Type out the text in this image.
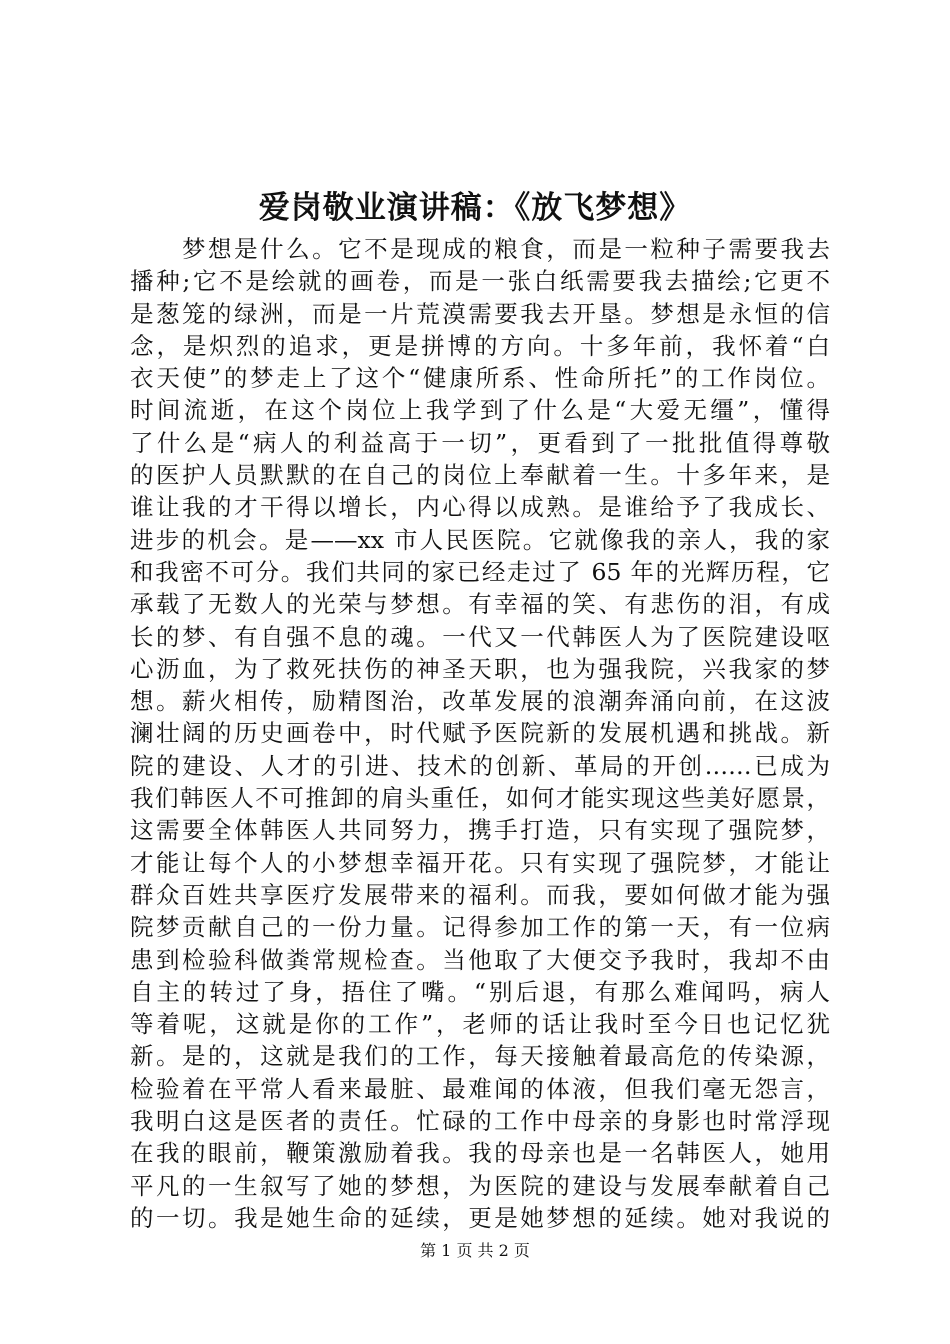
爱岗敬业演讲稿：《放飞梦想》
　　梦想是什么。它不是现成的粮食，而是一粒种子需要我去
播种;它不是绘就的画卷，而是一张白纸需要我去描绘;它更不
是葱笼的绿洲，而是一片荒漠需要我去开垦。梦想是永恒的信
念，是炽烈的追求，更是拼博的方向。十多年前，我怀着“白
衣天使”的梦走上了这个“健康所系、性命所托”的工作岗位。
时间流逝，在这个岗位上我学到了什么是“大爱无缰”，懂得
了什么是“病人的利益高于一切”，更看到了一批批值得尊敬
的医护人员默默的在自己的岗位上奉献着一生。十多年来，是
谁让我的才干得以增长，内心得以成熟。是谁给予了我成长、
进步的机会。是——xx 市人民医院。它就像我的亲人，我的家
和我密不可分。我们共同的家已经走过了 65 年的光辉历程，它
承载了无数人的光荣与梦想。有幸福的笑、有悲伤的泪，有成
长的梦、有自强不息的魂。一代又一代韩医人为了医院建设呕
心沥血，为了救死扶伤的神圣天职，也为强我院，兴我家的梦
想。薪火相传，励精图治，改革发展的浪潮奔涌向前，在这波
澜壮阔的历史画卷中，时代赋予医院新的发展机遇和挑战。新
院的建设、人才的引进、技术的创新、革局的开创……已成为
我们韩医人不可推卸的肩头重任，如何才能实现这些美好愿景，
这需要全体韩医人共同努力，携手打造，只有实现了强院梦，
才能让每个人的小梦想幸福开花。只有实现了强院梦，才能让
群众百姓共享医疗发展带来的福利。而我，要如何做才能为强
院梦贡献自己的一份力量。记得参加工作的第一天，有一位病
患到检验科做粪常规检查。当他取了大便交予我时，我却不由
自主的转过了身，捂住了嘴。“别后退，有那么难闻吗，病人
等着呢，这就是你的工作”，老师的话让我时至今日也记忆犹
新。是的，这就是我们的工作，每天接触着最高危的传染源，
检验着在平常人看来最脏、最难闻的体液，但我们毫无怨言，
我明白这是医者的责任。忙碌的工作中母亲的身影也时常浮现
在我的眼前，鞭策激励着我。我的母亲也是一名韩医人，她用
平凡的一生叙写了她的梦想，为医院的建设与发展奉献着自己
的一切。我是她生命的延续，更是她梦想的延续。她对我说的
第 1 页 共 2 页
